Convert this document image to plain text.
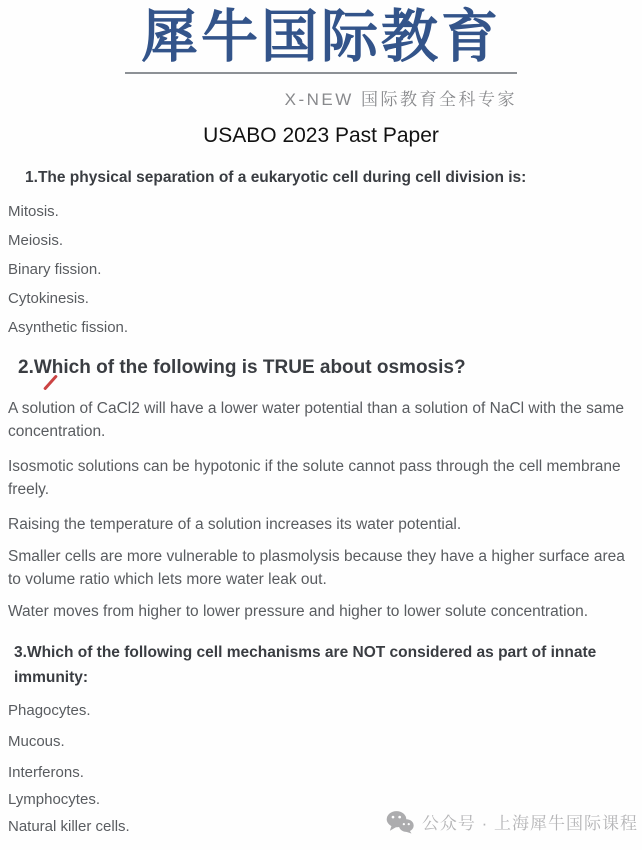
犀牛国际教育
X-NEW 国际教育全科专家
USABO 2023 Past Paper
1.The physical separation of a eukaryotic cell during cell division is:
Mitosis.
Meiosis.
Binary fission.
Cytokinesis.
Asynthetic fission.
2.Which of the following is TRUE about osmosis?
A solution of CaCl2 will have a lower water potential than a solution of NaCl with the same concentration.
Isosmotic solutions can be hypotonic if the solute cannot pass through the cell membrane freely.
Raising the temperature of a solution increases its water potential.
Smaller cells are more vulnerable to plasmolysis because they have a higher surface area to volume ratio which lets more water leak out.
Water moves from higher to lower pressure and higher to lower solute concentration.
3.Which of the following cell mechanisms are NOT considered as part of innate immunity:
Phagocytes.
Mucous.
Interferons.
Lymphocytes.
Natural killer cells.	公众号 · 上海犀牛国际课程
